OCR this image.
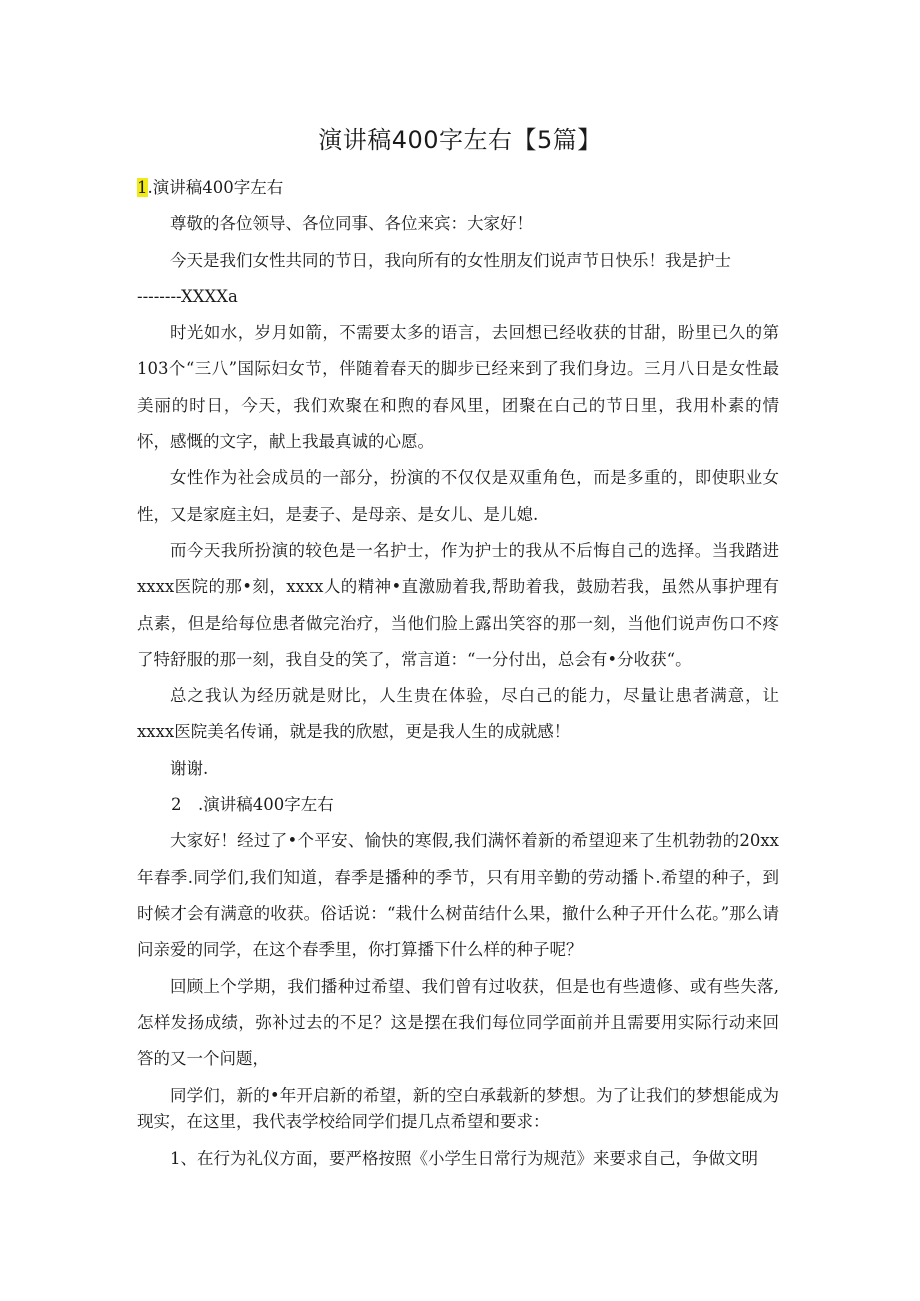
演讲稿400字左右【5篇】

1.演讲稿400字左右

尊敬的各位领导、各位同事、各位来宾：大家好！

今天是我们女性共同的节日，我向所有的女性朋友们说声节日快乐！我是护士

--------XXXXa

时光如水，岁月如箭，不需要太多的语言，去回想已经收获的甘甜，盼里已久的第103个“三八”国际妇女节，伴随着春天的脚步已经来到了我们身边。三月八日是女性最美丽的时日，今天，我们欢聚在和煦的春风里，团聚在白己的节日里，我用朴素的情怀，感慨的文字，献上我最真诚的心愿。

女性作为社会成员的一部分，扮演的不仅仅是双重角色，而是多重的，即使职业女性，又是家庭主妇，是妻子、是母亲、是女儿、是儿媳.

而今天我所扮演的较色是一名护士，作为护士的我从不后悔自己的选择。当我踏进xxxx医院的那•刻，xxxx人的精神•直激励着我,帮助着我，鼓励若我，虽然从事护理有点素，但是给每位患者做完治疗，当他们脸上露出笑容的那一刻，当他们说声伤口不疼了特舒服的那一刻，我自殳的笑了，常言道：“一分付出，总会有•分收获“。

总之我认为经历就是财比，人生贵在体验，尽白己的能力，尽量让患者满意，让xxxx医院美名传诵，就是我的欣慰，更是我人生的成就感！

谢谢.

2　.演讲稿400字左右

大家好！经过了•个平安、愉快的寒假,我们满怀着新的希望迎来了生机勃勃的20xx年春季.同学们,我们知道，春季是播种的季节，只有用辛勤的劳动播卜.希望的种子，到时候才会有满意的收获。俗话说：“栽什么树苗结什么果，撤什么种子开什么花。”那么请问亲爱的同学，在这个春季里，你打算播下什么样的种子呢？

回顾上个学期，我们播种过希望、我们曾有过收获，但是也有些遗修、或有些失落,怎样发扬成绩，弥补过去的不足？这是摆在我们每位同学面前并且需要用实际行动来回答的又一个问题，

同学们，新的•年开启新的希望，新的空白承载新的梦想。为了让我们的梦想能成为现实，在这里，我代表学校给同学们提几点希望和要求：

1、在行为礼仪方面，要严格按照《小学生日常行为规范》来要求自己，争做文明
